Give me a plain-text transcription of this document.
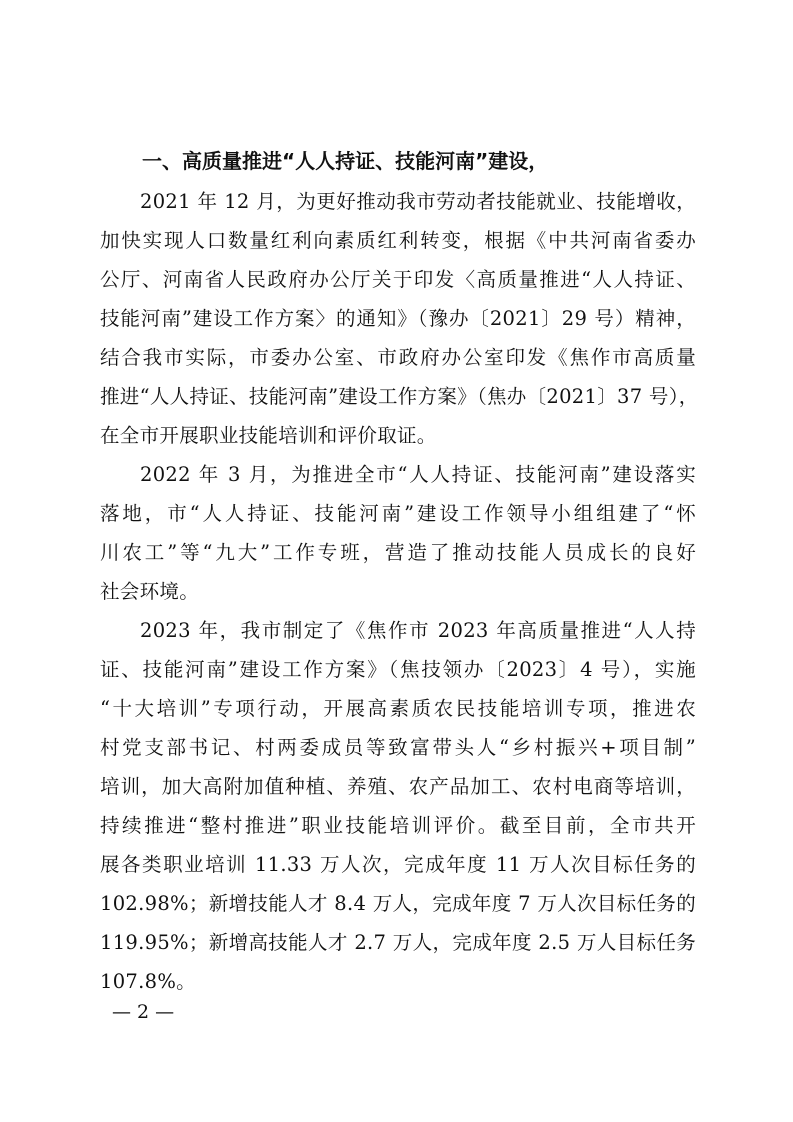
一、高质量推进“人人持证、技能河南”建设，

2021 年 12 月，为更好推动我市劳动者技能就业、技能增收，
加快实现人口数量红利向素质红利转变，根据《中共河南省委办
公厅、河南省人民政府办公厅关于印发〈高质量推进“人人持证、
技能河南”建设工作方案〉的通知》（豫办〔2021〕29 号）精神，
结合我市实际，市委办公室、市政府办公室印发《焦作市高质量
推进“人人持证、技能河南”建设工作方案》（焦办〔2021〕37 号），
在全市开展职业技能培训和评价取证。

2022 年 3 月，为推进全市“人人持证、技能河南”建设落实
落地，市“人人持证、技能河南”建设工作领导小组组建了“怀
川农工”等“九大”工作专班，营造了推动技能人员成长的良好
社会环境。

2023 年，我市制定了《焦作市 2023 年高质量推进“人人持
证、技能河南”建设工作方案》（焦技领办〔2023〕4 号），实施
“十大培训”专项行动，开展高素质农民技能培训专项，推进农
村党支部书记、村两委成员等致富带头人“乡村振兴+项目制”
培训，加大高附加值种植、养殖、农产品加工、农村电商等培训，
持续推进“整村推进”职业技能培训评价。截至目前，全市共开
展各类职业培训 11.33 万人次，完成年度 11 万人次目标任务的
102.98%；新增技能人才 8.4 万人，完成年度 7 万人次目标任务的
119.95%；新增高技能人才 2.7 万人，完成年度 2.5 万人目标任务
107.8%。

— 2 —
